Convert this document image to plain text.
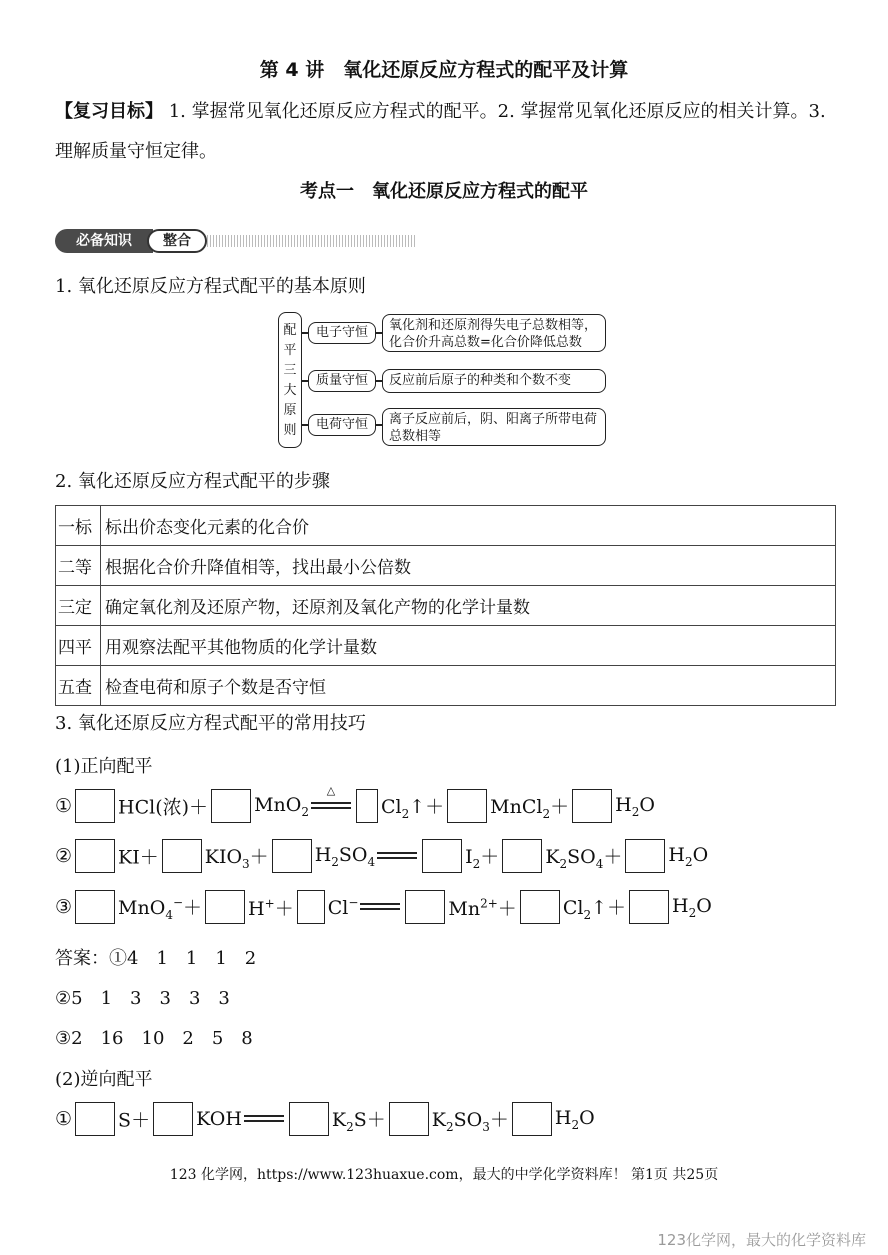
第 4 讲　氧化还原反应方程式的配平及计算
【复习目标】 1. 掌握常见氧化还原反应方程式的配平。2. 掌握常见氧化还原反应的相关计算。3. 理解质量守恒定律。
考点一　氧化还原反应方程式的配平
必备知识	整合
1. 氧化还原反应方程式配平的基本原则
配平三大原则
电子守恒	氧化剂和还原剂得失电子总数相等，化合价升高总数=化合价降低总数
质量守恒	反应前后原子的种类和个数不变
电荷守恒	离子反应前后，阴、阳离子所带电荷总数相等
2. 氧化还原反应方程式配平的步骤
一标	标出价态变化元素的化合价
二等	根据化合价升降值相等，找出最小公倍数
三定	确定氧化剂及还原产物，还原剂及氧化产物的化学计量数
四平	用观察法配平其他物质的化学计量数
五查	检查电荷和原子个数是否守恒
3. 氧化还原反应方程式配平的常用技巧
(1)正向配平
① HCl(浓)＋ MnO$_2$
△
$Cl_2↑+$ MnCl$_2$＋ $H_2O$
② $KI+ KIO_3+ H_2SO_4$	$I_2+ K_2SO_4+ H_2O$
③ MnO$_4$−＋ H+＋ Cl−	$Mn^{2+}+$ $Cl_2↑+ H_2O$
答案：①4　1　1　1　2
②5　1　3　3　3　3
③2　16　10　2　5　8
(2)逆向配平
① S＋ KOH	$K_2S+ K_2SO_3+ H_2O$
123 化学网，https://www.123huaxue.com，最大的中学化学资料库！ 第1页 共25页
123化学网，最大的化学资料库
